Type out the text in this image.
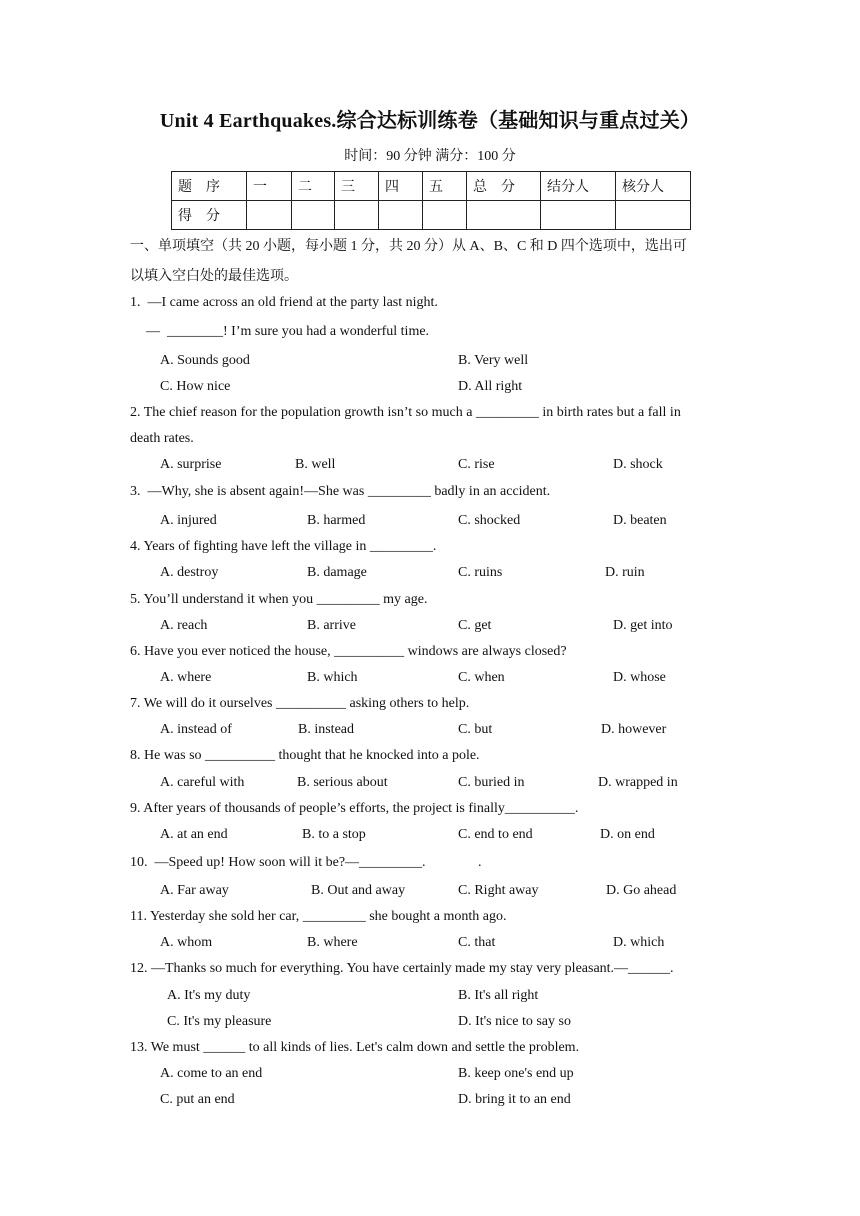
Unit 4 Earthquakes.综合达标训练卷（基础知识与重点过关）
时间：90 分钟 满分：100 分
题　序	一	二	三	四	五	总　分	结分人	核分人
得　分								
一、单项填空（共 20 小题，每小题 1 分，共 20 分）从 A、B、C 和 D 四个选项中，选出可
以填入空白处的最佳选项。
1.  —I came across an old friend at the party last night.
—  ________! I’m sure you had a wonderful time.
A. Sounds good	B. Very well
C. How nice	D. All right
2. The chief reason for the population growth isn’t so much a _________ in birth rates but a fall in
death rates.
A. surprise	B. well	C. rise	D. shock
3.  —Why, she is absent again!—She was _________ badly in an accident.
A. injured	B. harmed	C. shocked	D. beaten
4. Years of fighting have left the village in _________.
A. destroy	B. damage	C. ruins	D. ruin
5. You’ll understand it when you _________ my age.
A. reach	B. arrive	C. get	D. get into
6. Have you ever noticed the house, __________ windows are always closed?
A. where	B. which	C. when	D. whose
7. We will do it ourselves __________ asking others to help.
A. instead of	B. instead	C. but	D. however
8. He was so __________ thought that he knocked into a pole.
A. careful with	B. serious about	C. buried in	D. wrapped in
9. After years of thousands of people’s efforts, the project is finally__________.
A. at an end	B. to a stop	C. end to end	D. on end
10.  —Speed up! How soon will it be?—_________.               .
A. Far away	B. Out and away	C. Right away	D. Go ahead
11. Yesterday she sold her car, _________ she bought a month ago.
A. whom	B. where	C. that	D. which
12. —Thanks so much for everything. You have certainly made my stay very pleasant.—______.
A. It's my duty	B. It's all right
C. It's my pleasure	D. It's nice to say so
13. We must ______ to all kinds of lies. Let's calm down and settle the problem.
A. come to an end	B. keep one's end up
C. put an end	D. bring it to an end
